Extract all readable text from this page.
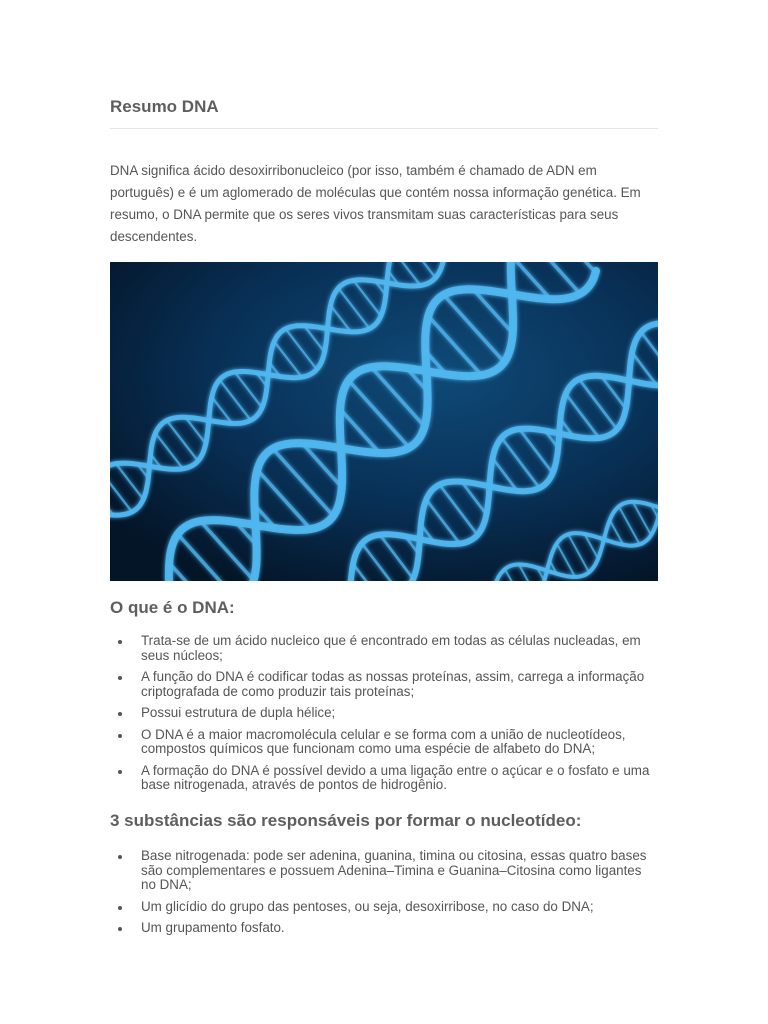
Resumo DNA

DNA significa ácido desoxirribonucleico (por isso, também é chamado de ADN em português) e é um aglomerado de moléculas que contém nossa informação genética. Em resumo, o DNA permite que os seres vivos transmitam suas características para seus descendentes.

O que é o DNA:
Trata-se de um ácido nucleico que é encontrado em todas as células nucleadas, em seus núcleos;
A função do DNA é codificar todas as nossas proteínas, assim, carrega a informação criptografada de como produzir tais proteínas;
Possui estrutura de dupla hélice;
O DNA é a maior macromolécula celular e se forma com a união de nucleotídeos, compostos químicos que funcionam como uma espécie de alfabeto do DNA;
A formação do DNA é possível devido a uma ligação entre o açúcar e o fosfato e uma base nitrogenada, através de pontos de hidrogênio.
3 substâncias são responsáveis por formar o nucleotídeo:
Base nitrogenada: pode ser adenina, guanina, timina ou citosina, essas quatro bases são complementares e possuem Adenina–Timina e Guanina–Citosina como ligantes no DNA;
Um glicídio do grupo das pentoses, ou seja, desoxirribose, no caso do DNA;
Um grupamento fosfato.
